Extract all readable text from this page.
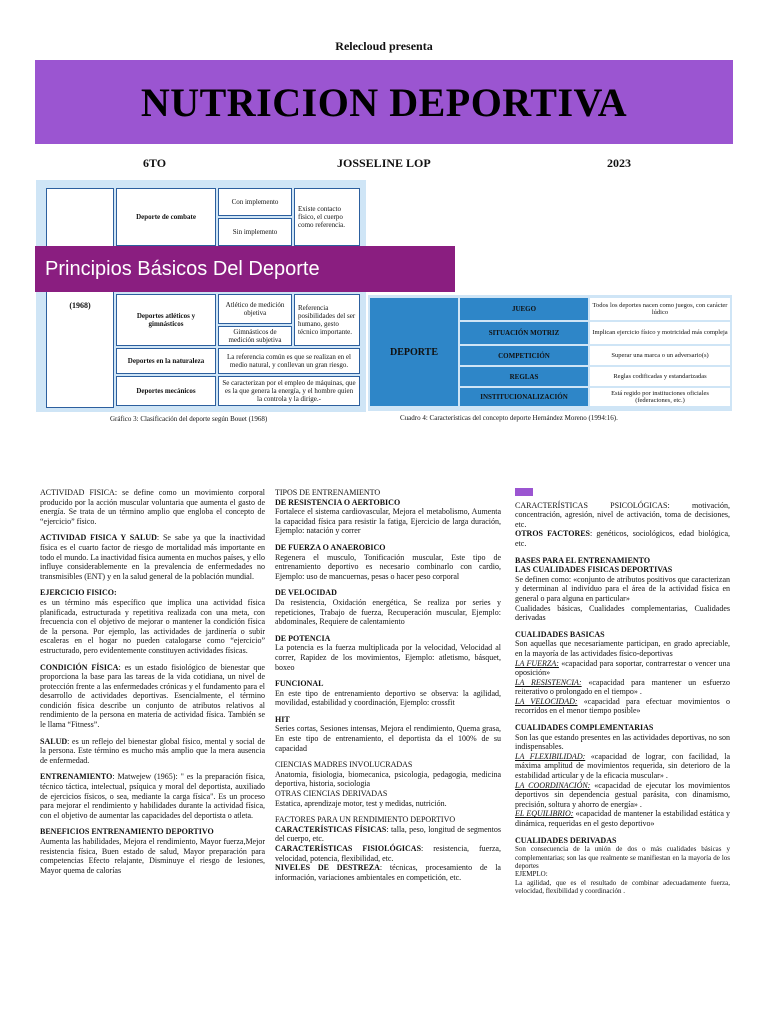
Relecloud presenta
NUTRICION DEPORTIVA
6TO	JOSSELINE LOP	2023
(1968)
Deporte de combate
Con implemento
Sin implemento
Existe contacto físico, el cuerpo como referencia.
Deportes atléticos y gimnásticos
Atlético de medición objetiva
Gimnásticos de medición subjetiva
Referencia posibilidades del ser humano, gesto técnico importante.
Deportes en la naturaleza
La referencia común es que se realizan en el medio natural, y conllevan un gran riesgo.
Deportes mecánicos
Se caracterizan por el empleo de máquinas, que es la que genera la energía, y el hombre quien la controla y la dirige.-
Gráfico 3: Clasificación del deporte según Bouet (1968)
Principios Básicos Del Deporte
DEPORTE
JUEGO	Todos los deportes nacen como juegos, con carácter lúdico
SITUACIÓN MOTRIZ	Implican ejercicio físico y motricidad más compleja
COMPETICIÓN	Superar una marca o un adversario(s)
REGLAS	Reglas codificadas y estandarizadas
INSTITUCIONALIZACIÓN	Está regido por instituciones oficiales (federaciones, etc.)
Cuadro 4: Características del concepto deporte Hernández Moreno (1994:16).

ACTIVIDAD FISICA: se define como un movimiento corporal producido por la acción muscular voluntaria que aumenta el gasto de energía. Se trata de un término amplio que engloba el concepto de “ejercicio” físico.

ACTIVIDAD FISICA Y SALUD: Se sabe ya que la inactividad física es el cuarto factor de riesgo de mortalidad más importante en todo el mundo. La inactividad física aumenta en muchos países, y ello influye considerablemente en la prevalencia de enfermedades no transmisibles (ENT) y en la salud general de la población mundial.

EJERCICIO FISICO:
es un término más específico que implica una actividad física planificada, estructurada y repetitiva realizada con una meta, con frecuencia con el objetivo de mejorar o mantener la condición física de la persona. Por ejemplo, las actividades de jardinería o subir escaleras en el hogar no pueden catalogarse como “ejercicio” estructurado, pero evidentemente constituyen actividades físicas.

CONDICIÓN FÍSICA: es un estado fisiológico de bienestar que proporciona la base para las tareas de la vida cotidiana, un nivel de protección frente a las enfermedades crónicas y el fundamento para el desarrollo de actividades deportivas. Esencialmente, el término condición física describe un conjunto de atributos relativos al rendimiento de la persona en materia de actividad física. También se le llama “Fitness”.

SALUD: es un reflejo del bienestar global físico, mental y social de la persona. Este término es mucho más amplio que la mera ausencia de enfermedad.

ENTRENAMIENTO: Matwejew (1965): " es la preparación física, técnico táctica, intelectual, psíquica y moral del deportista, auxiliado de ejercicios físicos, o sea, mediante la carga física". Es un proceso para mejorar el rendimiento y habilidades durante la actividad física, con el objetivo de aumentar las capacidades del deportista o atleta.

BENEFICIOS ENTRENAMIENTO DEPORTIVO
Aumenta las habilidades, Mejora el rendimiento, Mayor fuerza,Mejor resistencia física, Buen estado de salud, Mayor preparación para competencias Efecto relajante, Disminuye el riesgo de lesiones, Mayor quema de calorías

TIPOS DE ENTRENAMIENTO
DE RESISTENCIA O AERTOBICO
Fortalece el sistema cardiovascular, Mejora el metabolismo, Aumenta la capacidad física para resistir la fatiga, Ejercicio de larga duración, Ejemplo: natación y correr

DE FUERZA O ANAEROBICO
Regenera el musculo, Tonificación muscular, Este tipo de entrenamiento deportivo es necesario combinarlo con cardio, Ejemplo: uso de mancuernas, pesas o hacer peso corporal

DE VELOCIDAD
Da resistencia, Oxidación energética, Se realiza por series y repeticiones, Trabajo de fuerza, Recuperación muscular, Ejemplo: abdominales, Requiere de calentamiento

DE POTENCIA
La potencia es la fuerza multiplicada por la velocidad, Velocidad al correr, Rapidez de los movimientos, Ejemplo: atletismo, básquet, boxeo

FUNCIONAL
En este tipo de entrenamiento deportivo se observa: la agilidad, movilidad, estabilidad y coordinación, Ejemplo: crossfit

HIT
Series cortas, Sesiones intensas, Mejora el rendimiento, Quema grasa, En este tipo de entrenamiento, el deportista da el 100% de su capacidad

CIENCIAS MADRES INVOLUCRADAS
Anatomia, fisiologia, biomecanica, psicologia, pedagogia, medicina deportiva, historia, sociologia
OTRAS CIENCIAS DERIVADAS
Estatica, aprendizaje motor, test y medidas, nutrición.

FACTORES PARA UN RENDIMIENTO DEPORTIVO
CARACTERÍSTICAS FÍSICAS: talla, peso, longitud de segmentos del cuerpo, etc.
CARACTERÍSTICAS FISIOLÓGICAS: resistencia, fuerza, velocidad, potencia, flexibilidad, etc.
NIVELES DE DESTREZA: técnicas, procesamiento de la información, variaciones ambientales en competición, etc.

CARACTERÍSTICAS PSICOLÓGICAS: motivación, concentración, agresión, nivel de activación, toma de decisiones, etc.
OTROS FACTORES: genéticos, sociológicos, edad biológica, etc.

BASES PARA EL ENTRENAMIENTO
LAS CUALIDADES FISICAS DEPORTIVAS
Se definen como: «conjunto de atributos positivos que caracterizan y determinan al individuo para el área de la actividad física en general o para alguna en particular»
Cualidades básicas, Cualidades complementarias, Cualidades derivadas

CUALIDADES BASICAS
Son aquellas que necesariamente participan, en grado apreciable, en la mayoría de las actividades físico-deportivas
LA FUERZA: «capacidad para soportar, contrarrestar o vencer una oposición»
LA RESISTENCIA: «capacidad para mantener un esfuerzo reiterativo o prolongado en el tiempo» .
LA VELOCIDAD: «capacidad para efectuar movimientos o recorridos en el menor tiempo posible»

CUALIDADES COMPLEMENTARIAS
Son las que estando presentes en las actividades deportivas, no son indispensables.
LA FLEXIBILIDAD: «capacidad de lograr, con facilidad, la máxima amplitud de movimientos requerida, sin deterioro de la estabilidad articular y de la eficacia muscular» .
LA COORDINACIÓN: «capacidad de ejecutar los movimientos deportivos sin dependencia gestual parásita, con dinamismo, precisión, soltura y ahorro de energía» .
EL EQUILIBRIO: «capacidad de mantener la estabilidad estática y dinámica, requeridas en el gesto deportivo»

CUALIDADES DERIVADAS
Son consecuencia de la unión de dos o más cualidades básicas y complementarias; son las que realmente se manifiestan en la mayoría de los deportes
EJEMPLO:
La agilidad, que es el resultado de combinar adecuadamente fuerza, velocidad, flexibilidad y coordinación .
